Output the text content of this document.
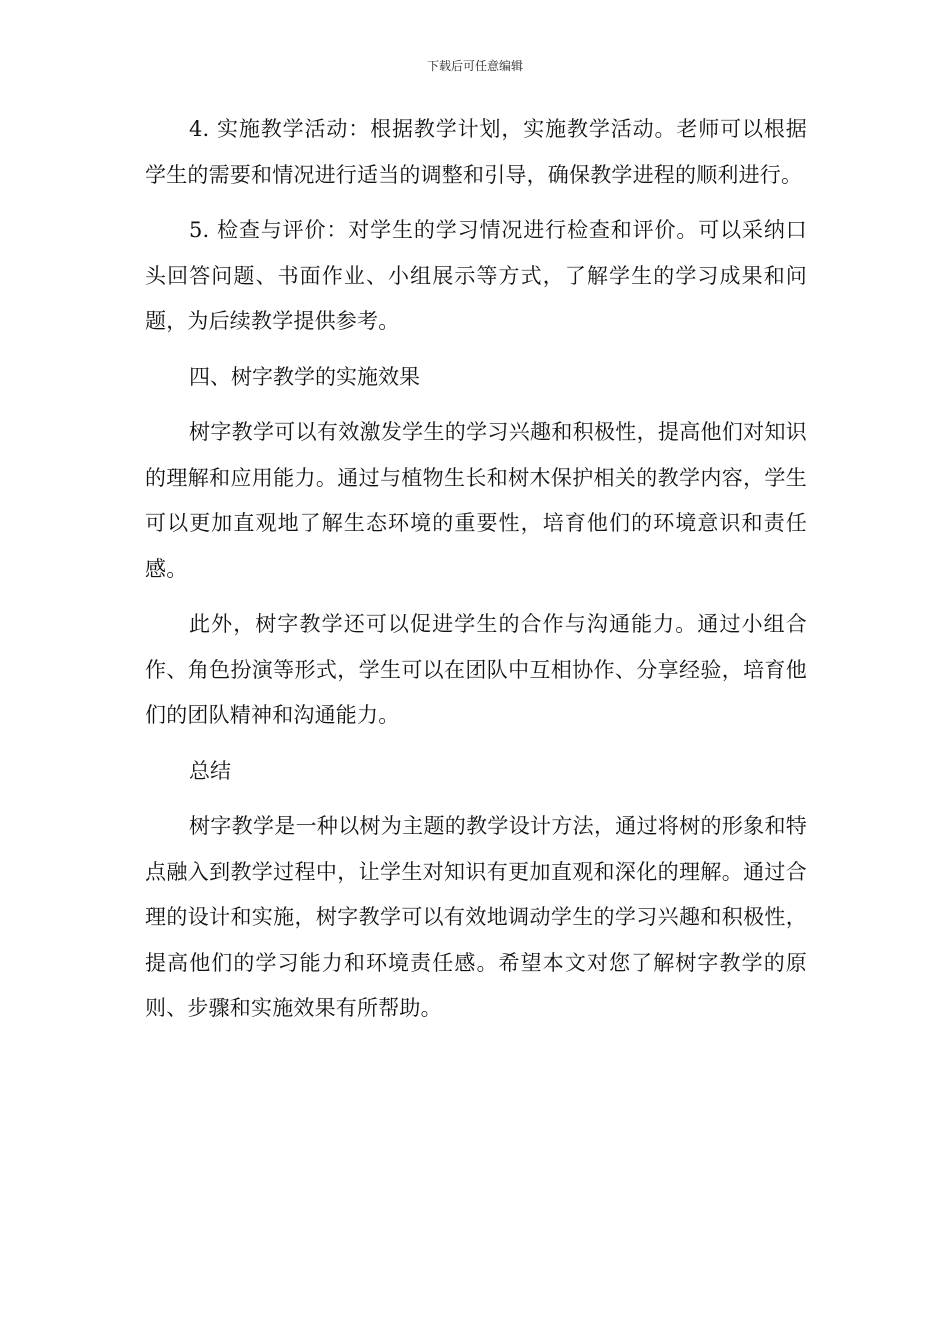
下载后可任意编辑

4. 实施教学活动：根据教学计划，实施教学活动。老师可以根据学生的需要和情况进行适当的调整和引导，确保教学进程的顺利进行。

5. 检查与评价：对学生的学习情况进行检查和评价。可以采纳口头回答问题、书面作业、小组展示等方式，了解学生的学习成果和问题，为后续教学提供参考。

四、树字教学的实施效果

树字教学可以有效激发学生的学习兴趣和积极性，提高他们对知识的理解和应用能力。通过与植物生长和树木保护相关的教学内容，学生可以更加直观地了解生态环境的重要性，培育他们的环境意识和责任感。

此外，树字教学还可以促进学生的合作与沟通能力。通过小组合作、角色扮演等形式，学生可以在团队中互相协作、分享经验，培育他们的团队精神和沟通能力。

总结

树字教学是一种以树为主题的教学设计方法，通过将树的形象和特点融入到教学过程中，让学生对知识有更加直观和深化的理解。通过合理的设计和实施，树字教学可以有效地调动学生的学习兴趣和积极性，提高他们的学习能力和环境责任感。希望本文对您了解树字教学的原则、步骤和实施效果有所帮助。
